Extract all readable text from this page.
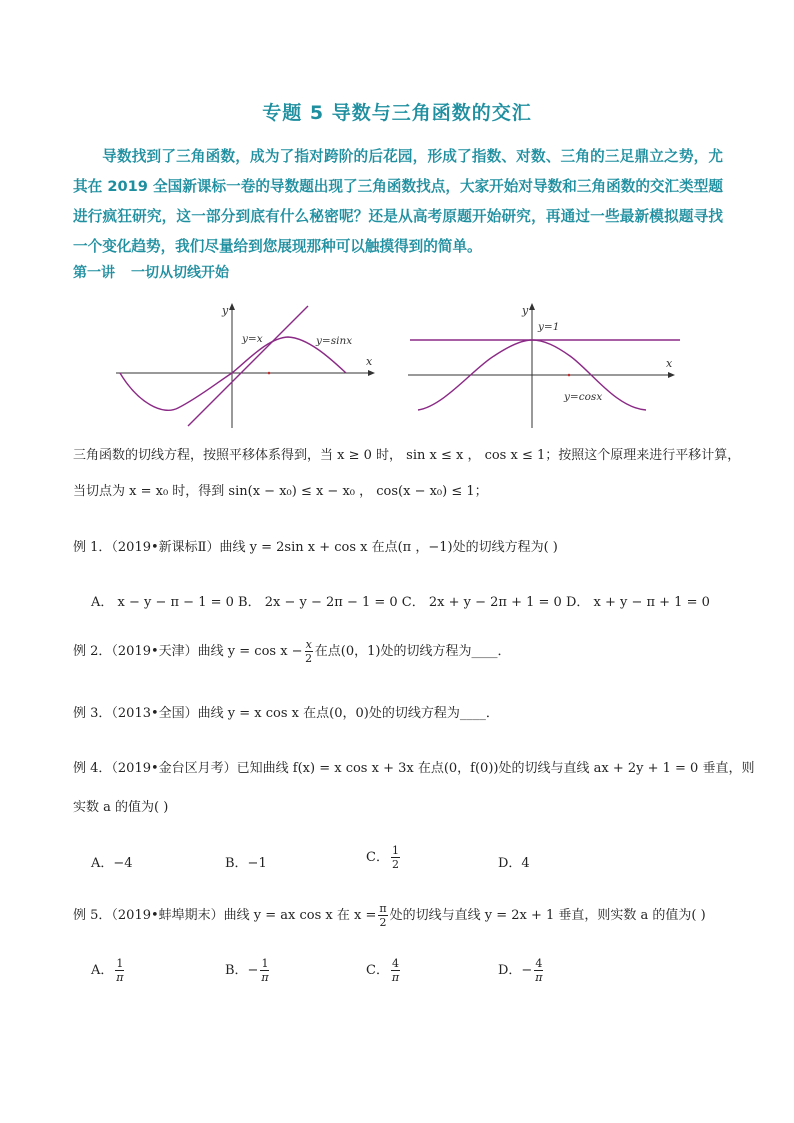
专题 5 导数与三角函数的交汇

导数找到了三角函数，成为了指对跨阶的后花园，形成了指数、对数、三角的三足鼎立之势，尤其在 2019 全国新课标一卷的导数题出现了三角函数找点，大家开始对导数和三角函数的交汇类型题进行疯狂研究，这一部分到底有什么秘密呢？还是从高考原题开始研究，再通过一些最新模拟题寻找一个变化趋势，我们尽量给到您展现那种可以触摸得到的简单。

第一讲 一切从切线开始
y
x
y=x	y=sinx
y
x
y=1
y=cosx
三角函数的切线方程，按照平移体系得到，当 x ≥ 0 时， sin x ≤ x ， cos x ≤ 1；按照这个原理来进行平移计算，
当切点为 x = x₀ 时，得到 sin(x − x₀) ≤ x − x₀ ， cos(x − x₀) ≤ 1；
例 1．（2019•新课标Ⅱ）曲线 y = 2sin x + cos x 在点(π ，−1)处的切线方程为( )
A． x − y − π − 1 = 0 B． 2x − y − 2π − 1 = 0 C． 2x + y − 2π + 1 = 0 D． x + y − π + 1 = 0
例 2．（2019•天津）曲线 $y = \cos x - \frac{x}{2}$ 在点(0，1)处的切线方程为____．
例 3．（2013•全国）曲线 y = x cos x 在点(0，0)处的切线方程为____．
例 4．（2019•金台区月考）已知曲线 f(x) = x cos x + 3x 在点(0，f(0))处的切线与直线 ax + 2y + 1 = 0 垂直，则
实数 a 的值为( )
A．−4	B．−1	C． $\frac{1}{2}$	D．4
例 5．（2019•蚌埠期末）曲线 y = ax cos x 在 $x = \frac{\pi}{2}$ 处的切线与直线 y = 2x + 1 垂直，则实数 a 的值为( )
A． $\frac{1}{\pi}$	B．− $\frac{1}{\pi}$	C． $\frac{4}{\pi}$	D．− $\frac{4}{\pi}$
